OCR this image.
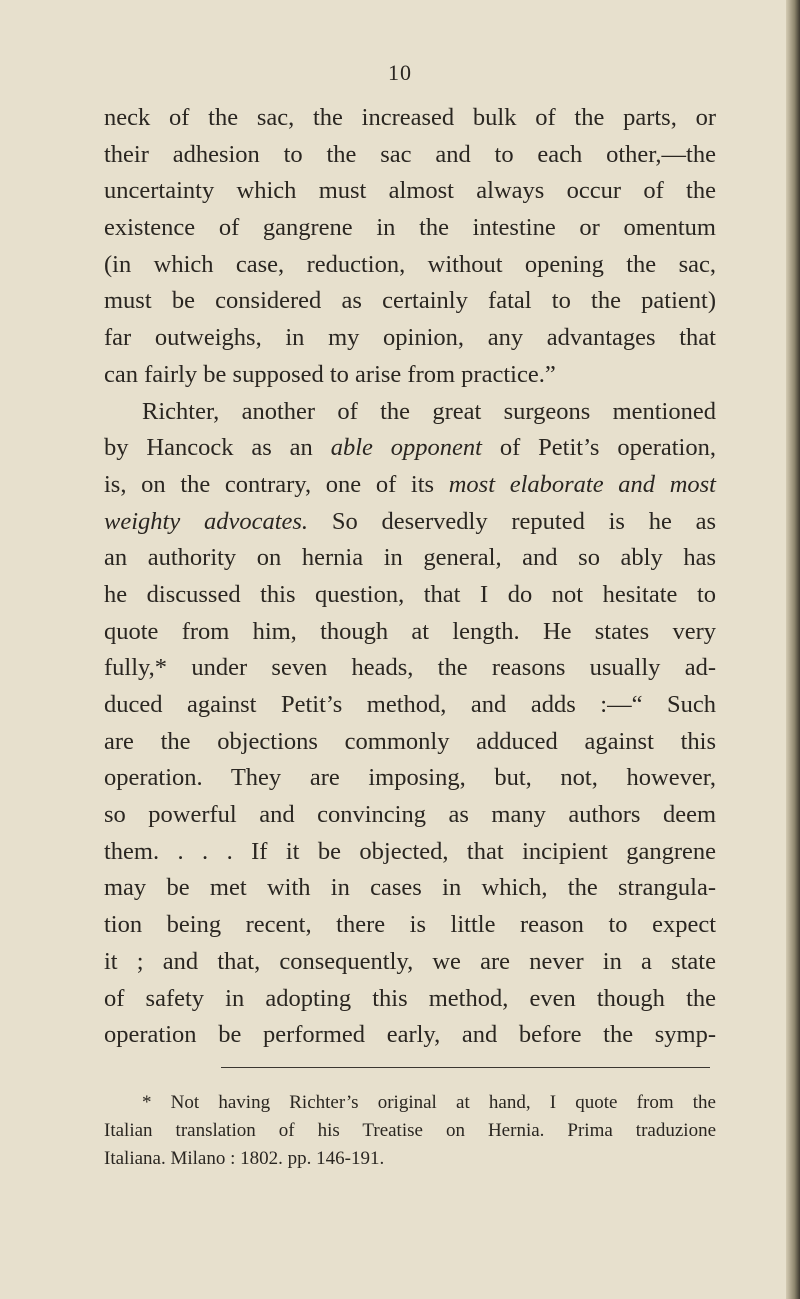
10
neck of the sac, the increased bulk of the parts, or
their adhesion to the sac and to each other,—the
uncertainty which must almost always occur of the
existence of gangrene in the intestine or omentum
(in which case, reduction, without opening the sac,
must be considered as certainly fatal to the patient)
far outweighs, in my opinion, any advantages that
can fairly be supposed to arise from practice.”
Richter, another of the great surgeons mentioned
by Hancock as an able opponent of Petit’s operation,
is, on the contrary, one of its most elaborate and most
weighty advocates. So deservedly reputed is he as
an authority on hernia in general, and so ably has
he discussed this question, that I do not hesitate to
quote from him, though at length. He states very
fully,* under seven heads, the reasons usually ad-
duced against Petit’s method, and adds :—“ Such
are the objections commonly adduced against this
operation. They are imposing, but, not, however,
so powerful and convincing as many authors deem
them. . . . If it be objected, that incipient gangrene
may be met with in cases in which, the strangula-
tion being recent, there is little reason to expect
it ; and that, consequently, we are never in a state
of safety in adopting this method, even though the
operation be performed early, and before the symp-
* Not having Richter’s original at hand, I quote from the
Italian translation of his Treatise on Hernia. Prima traduzione
Italiana. Milano : 1802. pp. 146-191.
